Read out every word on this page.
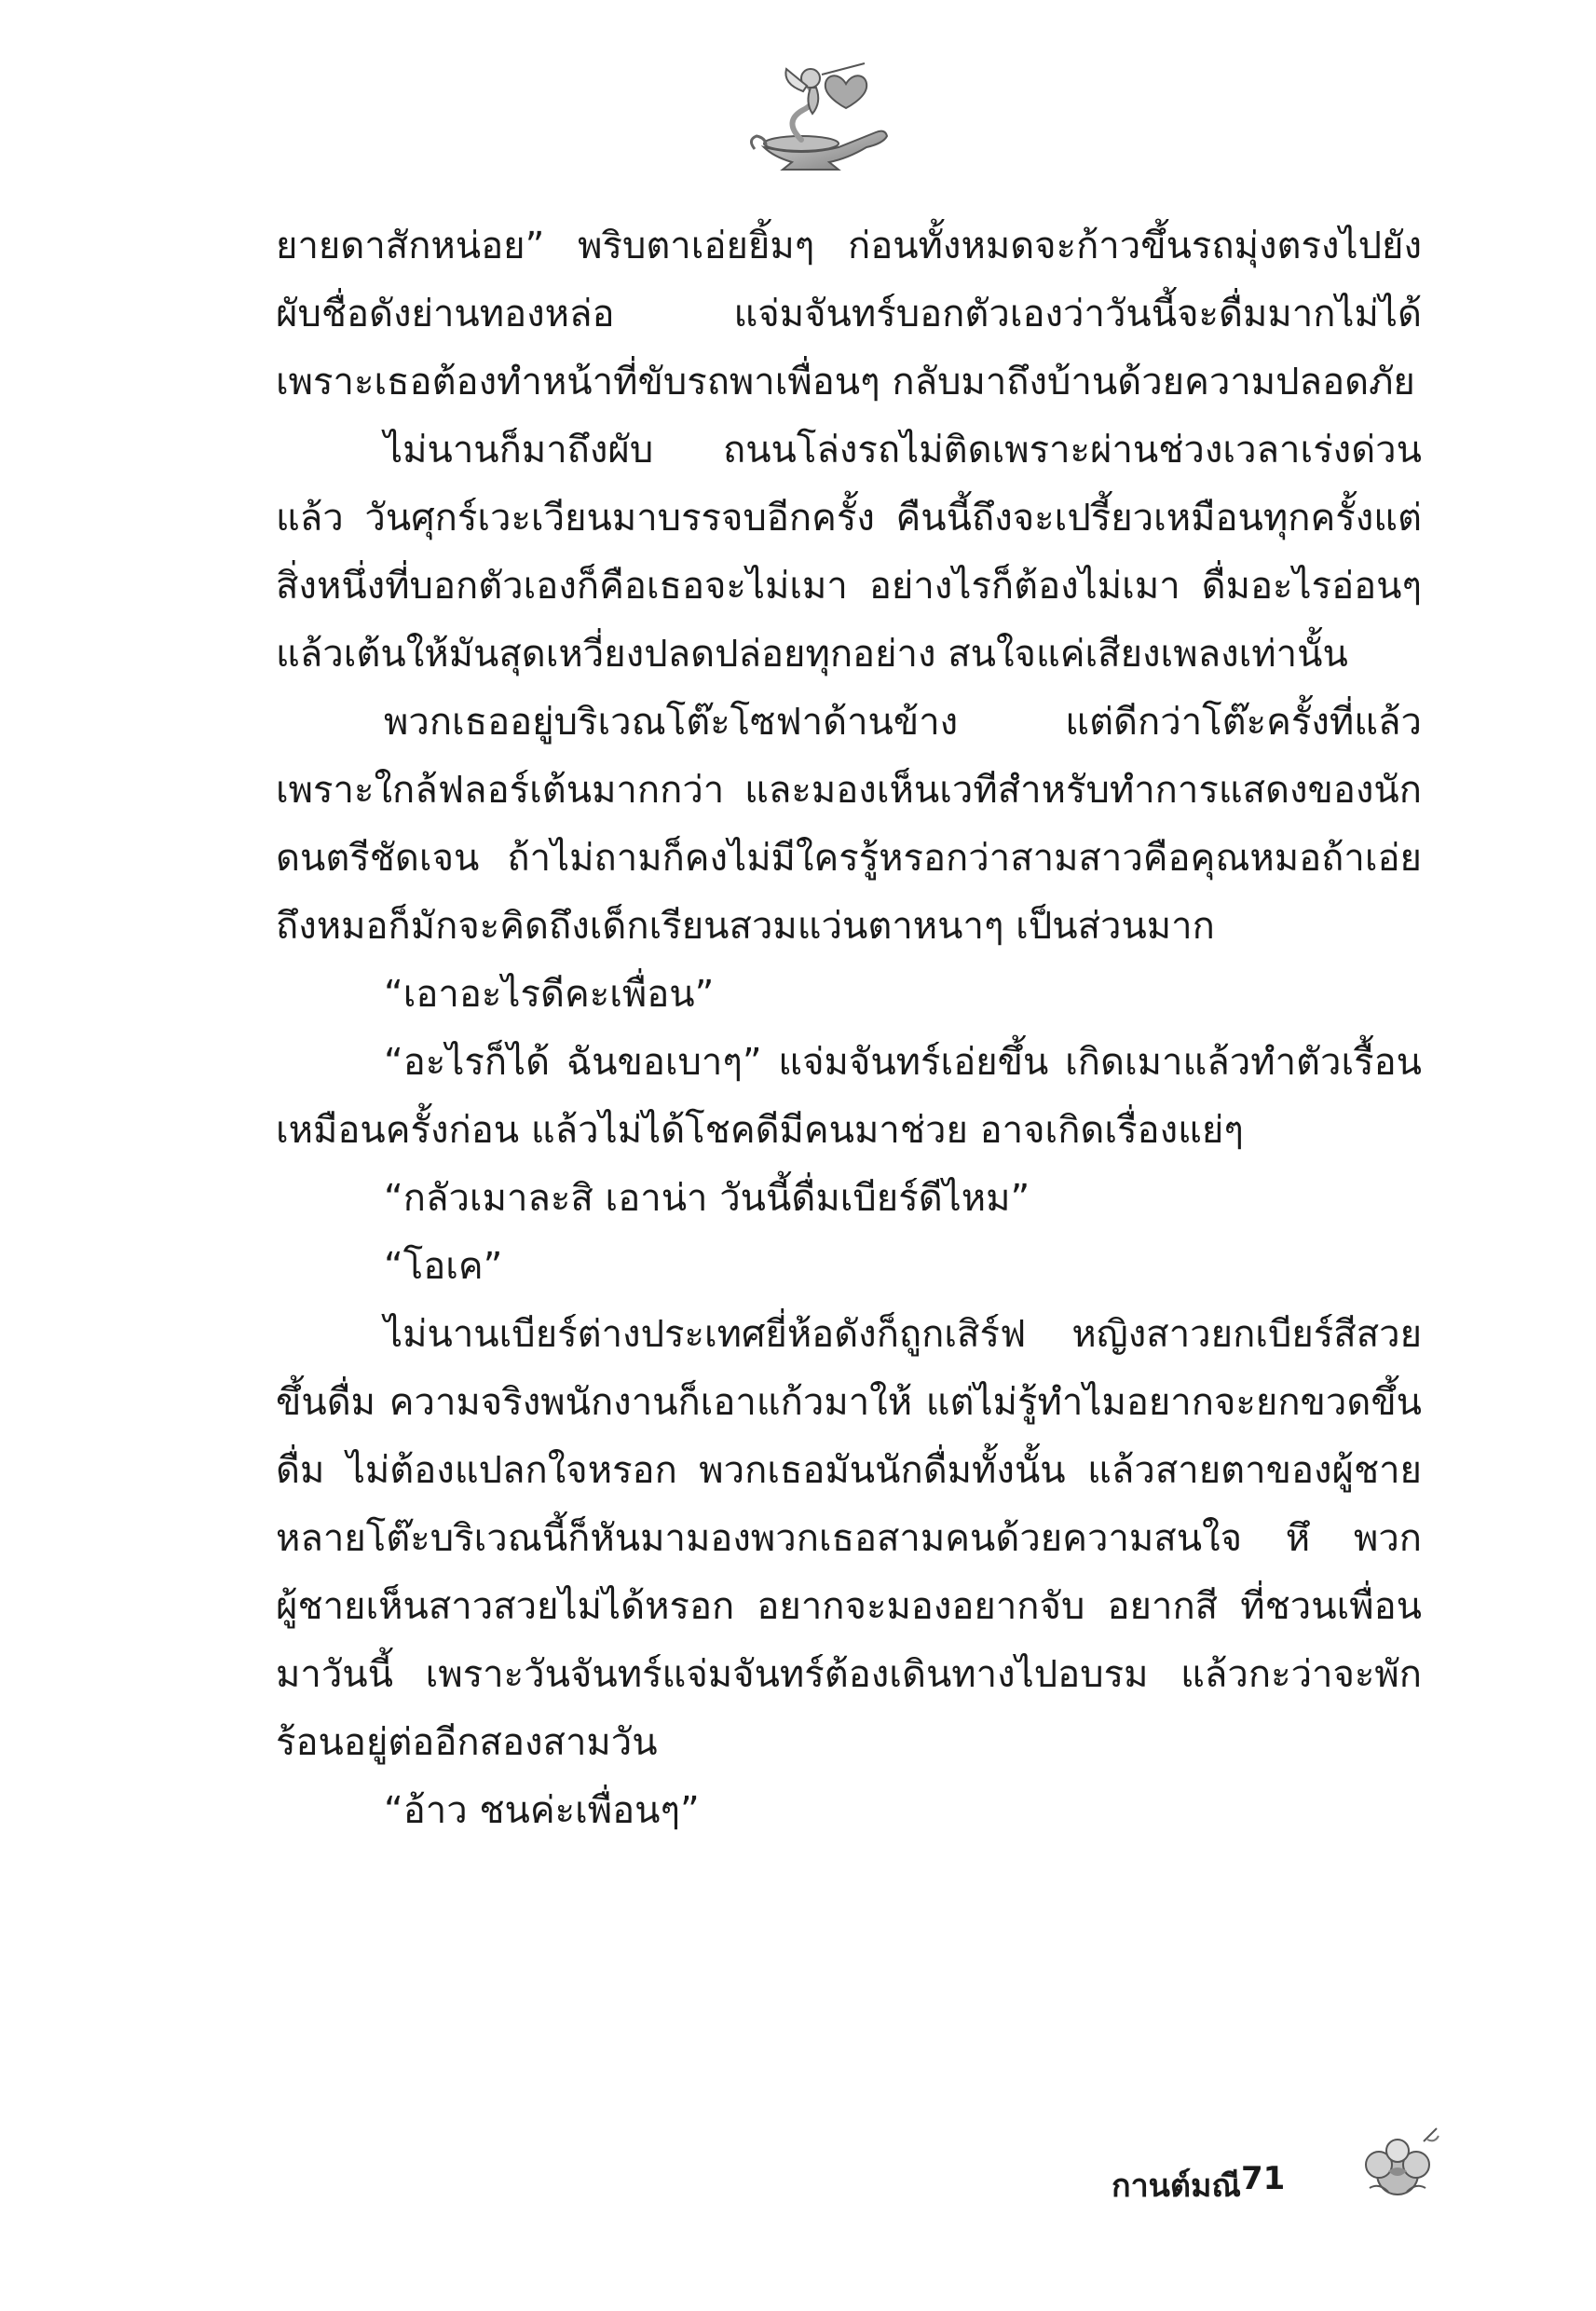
ยายดาสักหน่อย” พริบตาเอ่ยยิ้มๆ ก่อนทั้งหมดจะก้าวขึ้นรถมุ่งตรงไปยังผับชื่อดังย่านทองหล่อ แจ่มจันทร์บอกตัวเองว่าวันนี้จะดื่มมากไม่ได้ เพราะเธอต้องทำหน้าที่ขับรถพาเพื่อนๆ กลับมาถึงบ้านด้วยความปลอดภัย

ไม่นานก็มาถึงผับ ถนนโล่งรถไม่ติดเพราะผ่านช่วงเวลาเร่งด่วนแล้ว วันศุกร์เวะเวียนมาบรรจบอีกครั้ง คืนนี้ถึงจะเปรี้ยวเหมือนทุกครั้งแต่สิ่งหนึ่งที่บอกตัวเองก็คือเธอจะไม่เมา อย่างไรก็ต้องไม่เมา ดื่มอะไรอ่อนๆ แล้วเต้นให้มันสุดเหวี่ยงปลดปล่อยทุกอย่าง สนใจแค่เสียงเพลงเท่านั้น

พวกเธออยู่บริเวณโต๊ะโซฟาด้านข้าง แต่ดีกว่าโต๊ะครั้งที่แล้วเพราะใกล้ฟลอร์เต้นมากกว่า และมองเห็นเวทีสำหรับทำการแสดงของนักดนตรีชัดเจน ถ้าไม่ถามก็คงไม่มีใครรู้หรอกว่าสามสาวคือคุณหมอถ้าเอ่ยถึงหมอก็มักจะคิดถึงเด็กเรียนสวมแว่นตาหนาๆ เป็นส่วนมาก

“เอาอะไรดีคะเพื่อน”

“อะไรก็ได้ ฉันขอเบาๆ” แจ่มจันทร์เอ่ยขึ้น เกิดเมาแล้วทำตัวเรื้อนเหมือนครั้งก่อน แล้วไม่ได้โชคดีมีคนมาช่วย อาจเกิดเรื่องแย่ๆ

“กลัวเมาละสิ เอาน่า วันนี้ดื่มเบียร์ดีไหม”

“โอเค”

ไม่นานเบียร์ต่างประเทศยี่ห้อดังก็ถูกเสิร์ฟ หญิงสาวยกเบียร์สีสวยขึ้นดื่ม ความจริงพนักงานก็เอาแก้วมาให้ แต่ไม่รู้ทำไมอยากจะยกขวดขึ้นดื่ม ไม่ต้องแปลกใจหรอก พวกเธอมันนักดื่มทั้งนั้น แล้วสายตาของผู้ชายหลายโต๊ะบริเวณนี้ก็หันมามองพวกเธอสามคนด้วยความสนใจ หึ พวกผู้ชายเห็นสาวสวยไม่ได้หรอก อยากจะมองอยากจับ อยากสี ที่ชวนเพื่อนมาวันนี้ เพราะวันจันทร์แจ่มจันทร์ต้องเดินทางไปอบรม แล้วกะว่าจะพักร้อนอยู่ต่ออีกสองสามวัน

“อ้าว ชนค่ะเพื่อนๆ”

กานต์มณี 71
